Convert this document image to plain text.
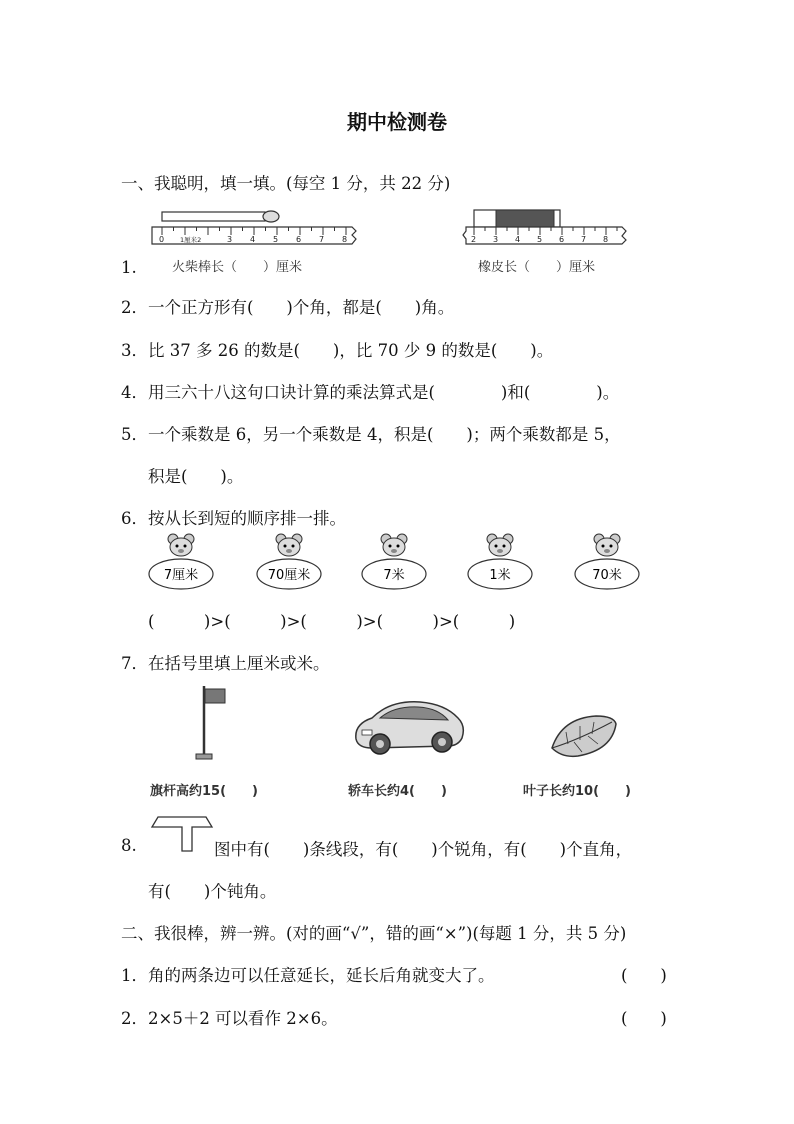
期中检测卷
一、我聪明，填一填。(每空 1 分，共 22 分)
0 1厘米2	3 4 5 6 7 8	2 3 4 5 6 7 8
1.	火柴棒长（　　）厘米	橡皮长（　　）厘米
2．一个正方形有(　　)个角，都是(　　)角。
3．比 37 多 26 的数是(　　)，比 70 少 9 的数是(　　)。
4．用三六十八这句口诀计算的乘法算式是(　　　　)和(　　　　)。
5．一个乘数是 6，另一个乘数是 4，积是(　　)；两个乘数都是 5，
积是(　　)。
6．按从长到短的顺序排一排。
7厘米	70厘米	7米	1米	70米
(　　　)>(　　　)>(　　　)>(　　　)>(　　　)
7．在括号里填上厘米或米。
旗杆高约15(　　)	轿车长约4(　　)	叶子长约10(　　)
8.	图中有(　　)条线段，有(　　)个锐角，有(　　)个直角，
有(　　)个钝角。
二、我很棒，辨一辨。(对的画“√”，错的画“×”)(每题 1 分，共 5 分)
1．角的两条边可以任意延长，延长后角就变大了。	(　　)
2．2×5＋2 可以看作 2×6。	(　　)
